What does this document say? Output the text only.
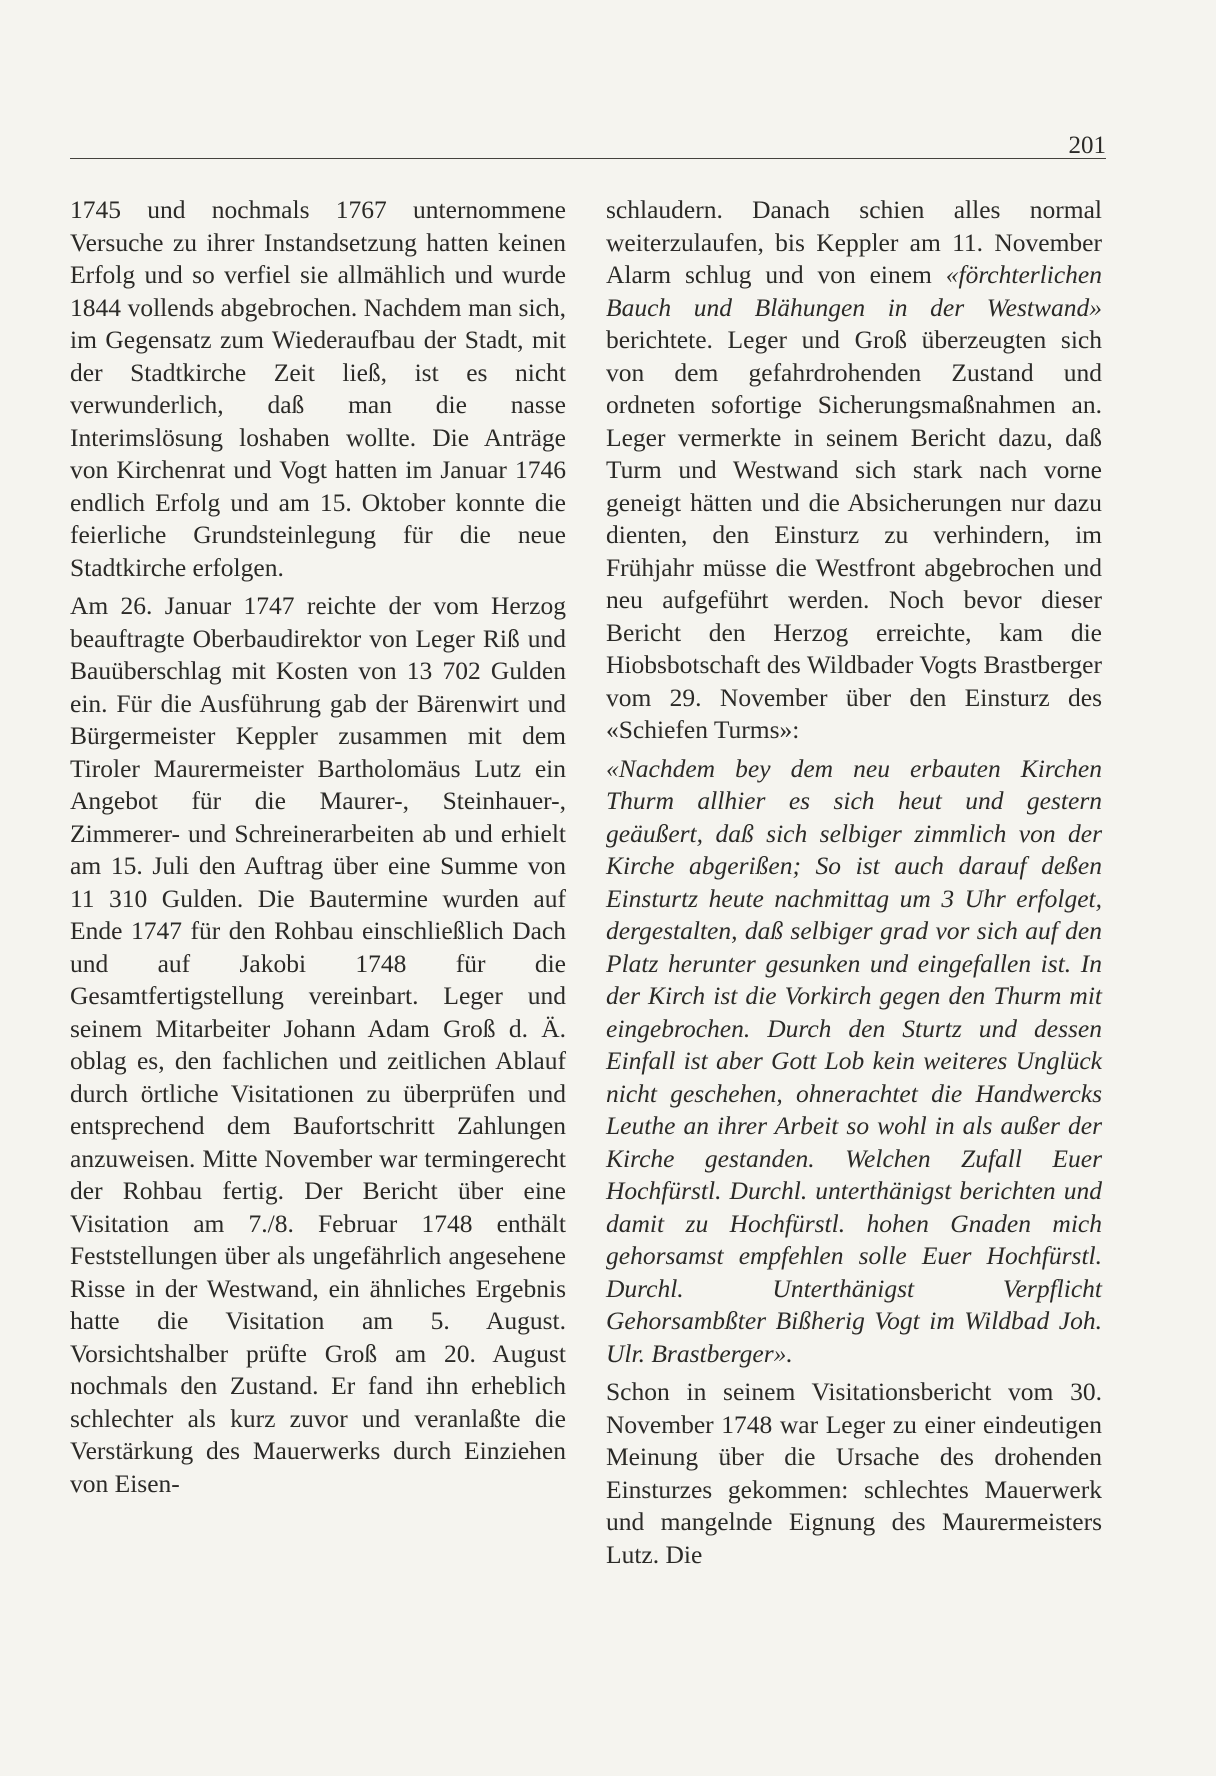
201

1745 und nochmals 1767 unternommene Versuche zu ihrer Instandsetzung hatten keinen Erfolg und so verfiel sie allmählich und wurde 1844 vollends abgebrochen. Nachdem man sich, im Gegensatz zum Wiederaufbau der Stadt, mit der Stadtkirche Zeit ließ, ist es nicht verwunderlich, daß man die nasse Interimslösung loshaben wollte. Die Anträge von Kirchenrat und Vogt hatten im Januar 1746 endlich Erfolg und am 15. Oktober konnte die feierliche Grundsteinlegung für die neue Stadtkirche erfolgen.

Am 26. Januar 1747 reichte der vom Herzog beauftragte Oberbaudirektor von Leger Riß und Bauüberschlag mit Kosten von 13 702 Gulden ein. Für die Ausführung gab der Bärenwirt und Bürgermeister Keppler zusammen mit dem Tiroler Maurermeister Bartholomäus Lutz ein Angebot für die Maurer-, Steinhauer-, Zimmerer- und Schreinerarbeiten ab und erhielt am 15. Juli den Auftrag über eine Summe von 11 310 Gulden. Die Bautermine wurden auf Ende 1747 für den Rohbau einschließlich Dach und auf Jakobi 1748 für die Gesamtfertigstellung vereinbart. Leger und seinem Mitarbeiter Johann Adam Groß d. Ä. oblag es, den fachlichen und zeitlichen Ablauf durch örtliche Visitationen zu überprüfen und entsprechend dem Baufortschritt Zahlungen anzuweisen. Mitte November war termingerecht der Rohbau fertig. Der Bericht über eine Visitation am 7./8. Februar 1748 enthält Feststellungen über als ungefährlich angesehene Risse in der Westwand, ein ähnliches Ergebnis hatte die Visitation am 5. August. Vorsichtshalber prüfte Groß am 20. August nochmals den Zustand. Er fand ihn erheblich schlechter als kurz zuvor und veranlaßte die Verstärkung des Mauerwerks durch Einziehen von Eisen-

schlaudern. Danach schien alles normal weiterzulaufen, bis Keppler am 11. November Alarm schlug und von einem «förchterlichen Bauch und Blähungen in der Westwand» berichtete. Leger und Groß überzeugten sich von dem gefahrdrohenden Zustand und ordneten sofortige Sicherungsmaßnahmen an. Leger vermerkte in seinem Bericht dazu, daß Turm und Westwand sich stark nach vorne geneigt hätten und die Absicherungen nur dazu dienten, den Einsturz zu verhindern, im Frühjahr müsse die Westfront abgebrochen und neu aufgeführt werden. Noch bevor dieser Bericht den Herzog erreichte, kam die Hiobsbotschaft des Wildbader Vogts Brastberger vom 29. November über den Einsturz des «Schiefen Turms»:

«Nachdem bey dem neu erbauten Kirchen Thurm allhier es sich heut und gestern geäußert, daß sich selbiger zimmlich von der Kirche abgerißen; So ist auch darauf deßen Einsturtz heute nachmittag um 3 Uhr erfolget, dergestalten, daß selbiger grad vor sich auf den Platz herunter gesunken und eingefallen ist. In der Kirch ist die Vorkirch gegen den Thurm mit eingebrochen. Durch den Sturtz und dessen Einfall ist aber Gott Lob kein weiteres Unglück nicht geschehen, ohnerachtet die Handwercks Leuthe an ihrer Arbeit so wohl in als außer der Kirche gestanden. Welchen Zufall Euer Hochfürstl. Durchl. unterthänigst berichten und damit zu Hochfürstl. hohen Gnaden mich gehorsamst empfehlen solle Euer Hochfürstl. Durchl. Unterthänigst Verpflicht Gehorsambßter Bißherig Vogt im Wildbad Joh. Ulr. Brastberger».

Schon in seinem Visitationsbericht vom 30. November 1748 war Leger zu einer eindeutigen Meinung über die Ursache des drohenden Einsturzes gekommen: schlechtes Mauerwerk und mangelnde Eignung des Maurermeisters Lutz. Die
